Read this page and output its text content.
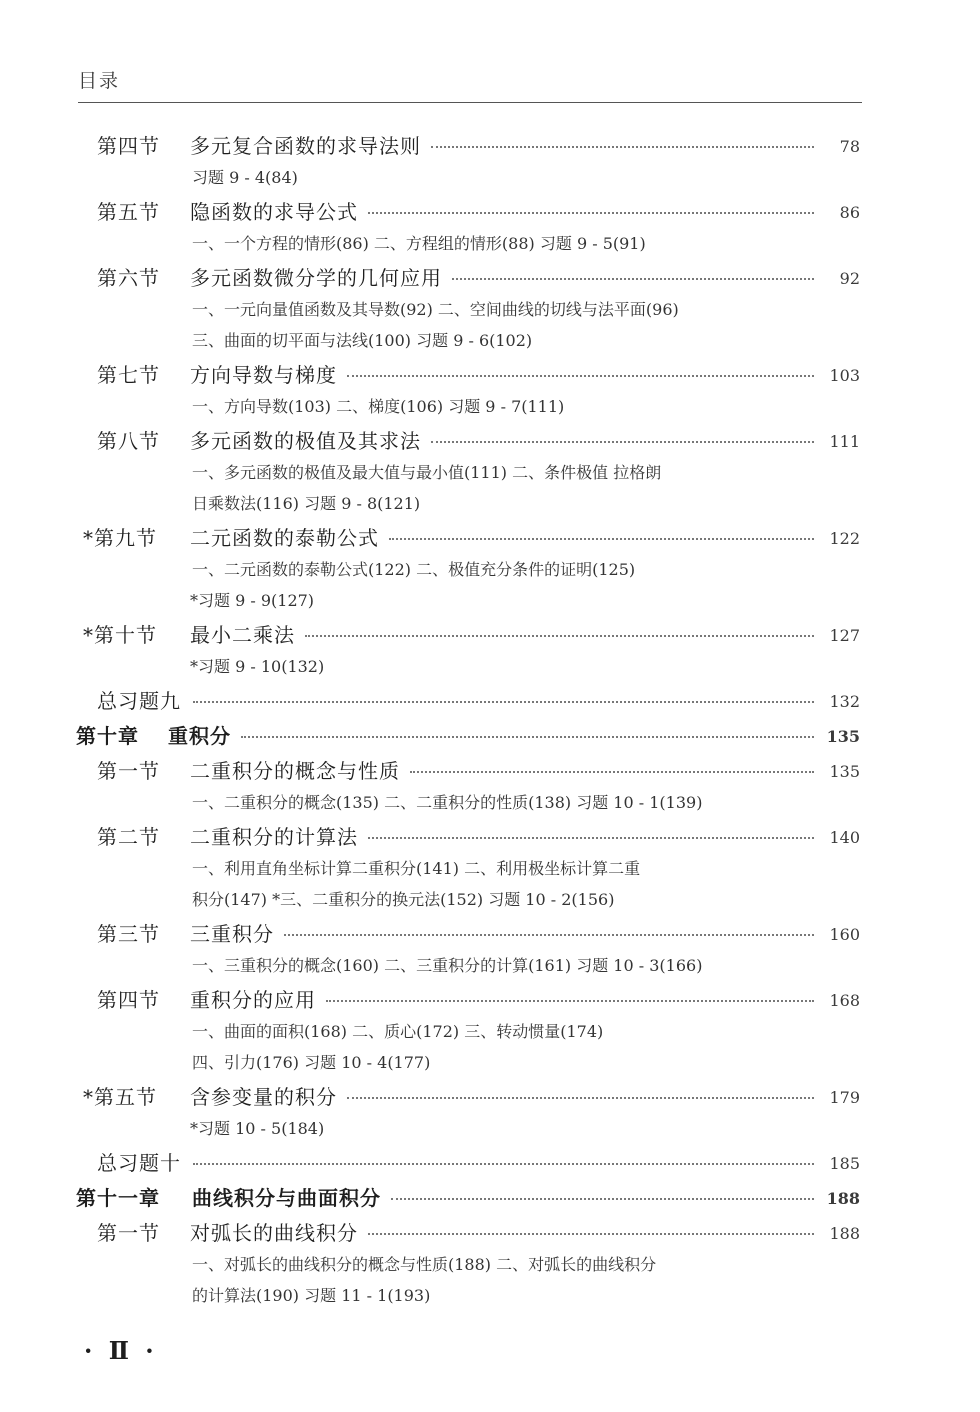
目录
第四节 多元复合函数的求导法则	78
习题 9 - 4(84)
第五节 隐函数的求导公式	86
一、一个方程的情形(86) 二、方程组的情形(88) 习题 9 - 5(91)
第六节 多元函数微分学的几何应用	92
一、一元向量值函数及其导数(92) 二、空间曲线的切线与法平面(96)
三、曲面的切平面与法线(100) 习题 9 - 6(102)
第七节 方向导数与梯度	103
一、方向导数(103) 二、梯度(106) 习题 9 - 7(111)
第八节 多元函数的极值及其求法	111
一、多元函数的极值及最大值与最小值(111) 二、条件极值 拉格朗
日乘数法(116) 习题 9 - 8(121)
*第九节 二元函数的泰勒公式	122
一、二元函数的泰勒公式(122) 二、极值充分条件的证明(125)
*习题 9 - 9(127)
*第十节 最小二乘法	127
*习题 9 - 10(132)
总习题九	132
第十章 重积分	135
第一节 二重积分的概念与性质	135
一、二重积分的概念(135) 二、二重积分的性质(138) 习题 10 - 1(139)
第二节 二重积分的计算法	140
一、利用直角坐标计算二重积分(141) 二、利用极坐标计算二重
积分(147) *三、二重积分的换元法(152) 习题 10 - 2(156)
第三节 三重积分	160
一、三重积分的概念(160) 二、三重积分的计算(161) 习题 10 - 3(166)
第四节 重积分的应用	168
一、曲面的面积(168) 二、质心(172) 三、转动惯量(174)
四、引力(176) 习题 10 - 4(177)
*第五节 含参变量的积分	179
*习题 10 - 5(184)
总习题十	185
第十一章 曲线积分与曲面积分	188
第一节 对弧长的曲线积分	188
一、对弧长的曲线积分的概念与性质(188) 二、对弧长的曲线积分
的计算法(190) 习题 11 - 1(193)
· Ⅱ ·
